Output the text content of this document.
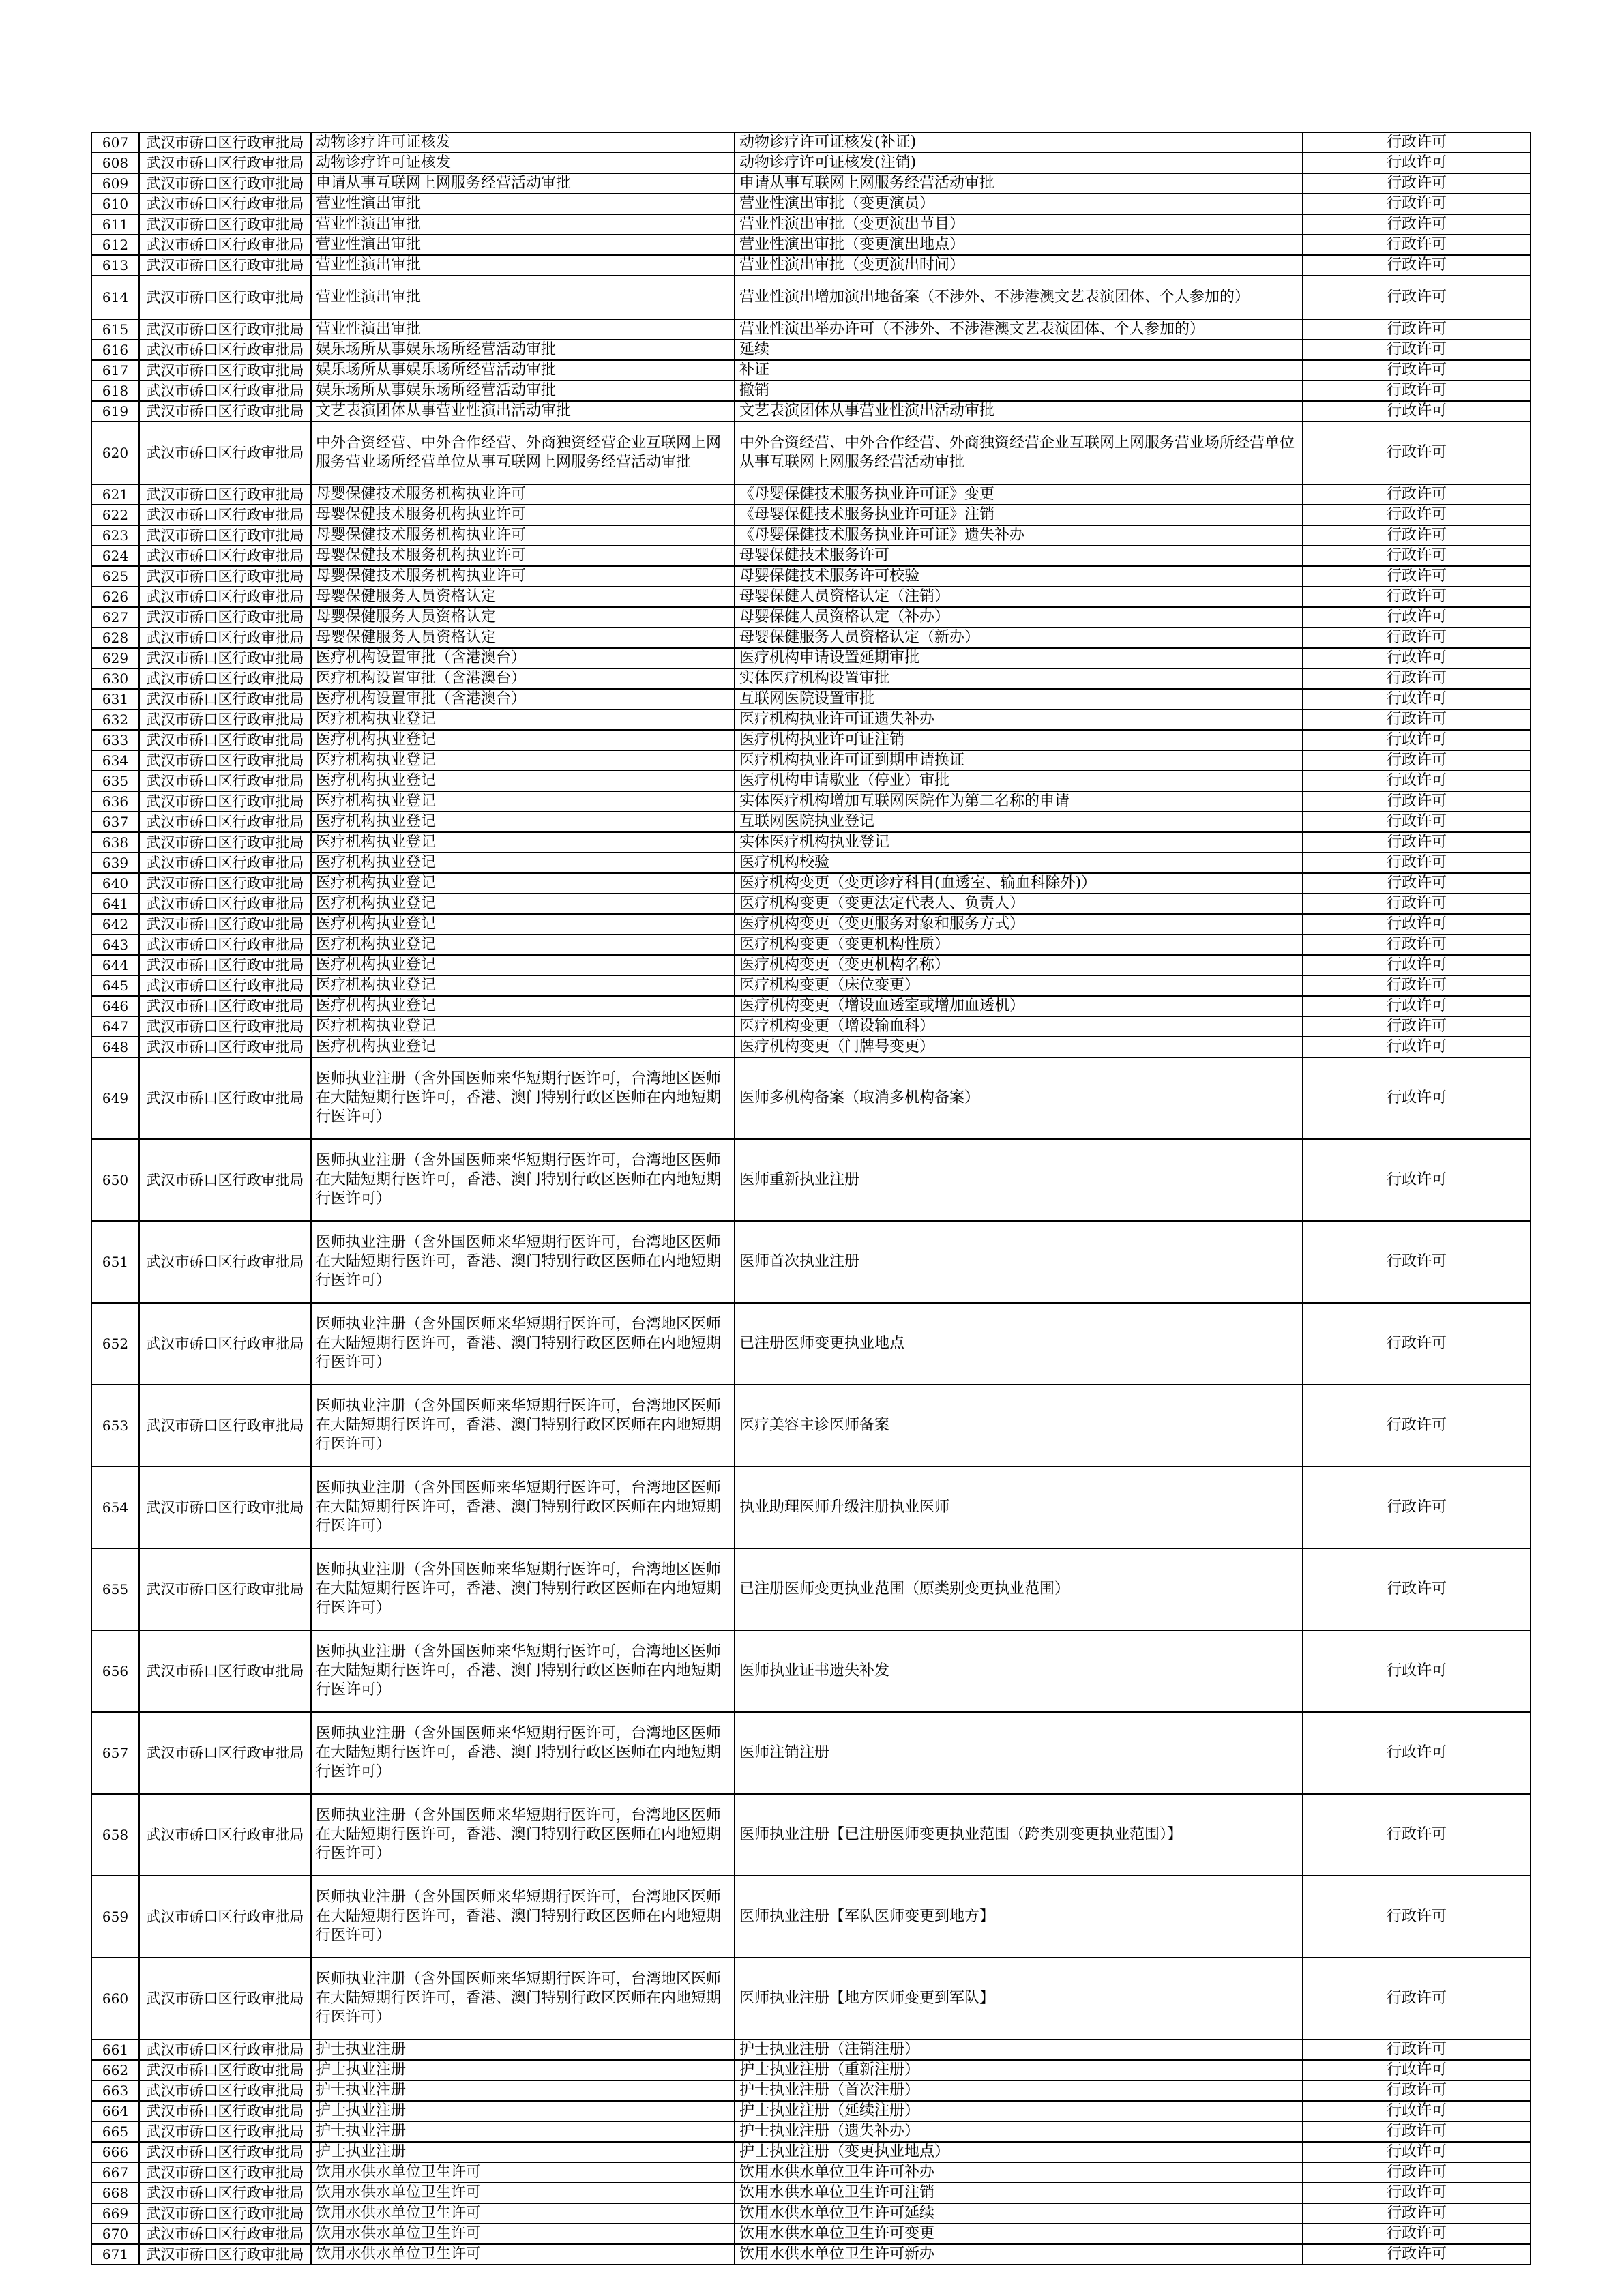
607	武汉市硚口区行政审批局	动物诊疗许可证核发	动物诊疗许可证核发(补证)	行政许可
608	武汉市硚口区行政审批局	动物诊疗许可证核发	动物诊疗许可证核发(注销)	行政许可
609	武汉市硚口区行政审批局	申请从事互联网上网服务经营活动审批	申请从事互联网上网服务经营活动审批	行政许可
610	武汉市硚口区行政审批局	营业性演出审批	营业性演出审批（变更演员）	行政许可
611	武汉市硚口区行政审批局	营业性演出审批	营业性演出审批（变更演出节目）	行政许可
612	武汉市硚口区行政审批局	营业性演出审批	营业性演出审批（变更演出地点）	行政许可
613	武汉市硚口区行政审批局	营业性演出审批	营业性演出审批（变更演出时间）	行政许可
614	武汉市硚口区行政审批局	营业性演出审批	营业性演出增加演出地备案（不涉外、不涉港澳文艺表演团体、个人参加的）	行政许可
615	武汉市硚口区行政审批局	营业性演出审批	营业性演出举办许可（不涉外、不涉港澳文艺表演团体、个人参加的）	行政许可
616	武汉市硚口区行政审批局	娱乐场所从事娱乐场所经营活动审批	延续	行政许可
617	武汉市硚口区行政审批局	娱乐场所从事娱乐场所经营活动审批	补证	行政许可
618	武汉市硚口区行政审批局	娱乐场所从事娱乐场所经营活动审批	撤销	行政许可
619	武汉市硚口区行政审批局	文艺表演团体从事营业性演出活动审批	文艺表演团体从事营业性演出活动审批	行政许可
620	武汉市硚口区行政审批局	中外合资经营、中外合作经营、外商独资经营企业互联网上网服务营业场所经营单位从事互联网上网服务经营活动审批	中外合资经营、中外合作经营、外商独资经营企业互联网上网服务营业场所经营单位从事互联网上网服务经营活动审批	行政许可
621	武汉市硚口区行政审批局	母婴保健技术服务机构执业许可	《母婴保健技术服务执业许可证》变更	行政许可
622	武汉市硚口区行政审批局	母婴保健技术服务机构执业许可	《母婴保健技术服务执业许可证》注销	行政许可
623	武汉市硚口区行政审批局	母婴保健技术服务机构执业许可	《母婴保健技术服务执业许可证》遗失补办	行政许可
624	武汉市硚口区行政审批局	母婴保健技术服务机构执业许可	母婴保健技术服务许可	行政许可
625	武汉市硚口区行政审批局	母婴保健技术服务机构执业许可	母婴保健技术服务许可校验	行政许可
626	武汉市硚口区行政审批局	母婴保健服务人员资格认定	母婴保健人员资格认定（注销）	行政许可
627	武汉市硚口区行政审批局	母婴保健服务人员资格认定	母婴保健人员资格认定（补办）	行政许可
628	武汉市硚口区行政审批局	母婴保健服务人员资格认定	母婴保健服务人员资格认定（新办）	行政许可
629	武汉市硚口区行政审批局	医疗机构设置审批（含港澳台）	医疗机构申请设置延期审批	行政许可
630	武汉市硚口区行政审批局	医疗机构设置审批（含港澳台）	实体医疗机构设置审批	行政许可
631	武汉市硚口区行政审批局	医疗机构设置审批（含港澳台）	互联网医院设置审批	行政许可
632	武汉市硚口区行政审批局	医疗机构执业登记	医疗机构执业许可证遗失补办	行政许可
633	武汉市硚口区行政审批局	医疗机构执业登记	医疗机构执业许可证注销	行政许可
634	武汉市硚口区行政审批局	医疗机构执业登记	医疗机构执业许可证到期申请换证	行政许可
635	武汉市硚口区行政审批局	医疗机构执业登记	医疗机构申请歇业（停业）审批	行政许可
636	武汉市硚口区行政审批局	医疗机构执业登记	实体医疗机构增加互联网医院作为第二名称的申请	行政许可
637	武汉市硚口区行政审批局	医疗机构执业登记	互联网医院执业登记	行政许可
638	武汉市硚口区行政审批局	医疗机构执业登记	实体医疗机构执业登记	行政许可
639	武汉市硚口区行政审批局	医疗机构执业登记	医疗机构校验	行政许可
640	武汉市硚口区行政审批局	医疗机构执业登记	医疗机构变更（变更诊疗科目(血透室、输血科除外)）	行政许可
641	武汉市硚口区行政审批局	医疗机构执业登记	医疗机构变更（变更法定代表人、负责人）	行政许可
642	武汉市硚口区行政审批局	医疗机构执业登记	医疗机构变更（变更服务对象和服务方式）	行政许可
643	武汉市硚口区行政审批局	医疗机构执业登记	医疗机构变更（变更机构性质）	行政许可
644	武汉市硚口区行政审批局	医疗机构执业登记	医疗机构变更（变更机构名称）	行政许可
645	武汉市硚口区行政审批局	医疗机构执业登记	医疗机构变更（床位变更）	行政许可
646	武汉市硚口区行政审批局	医疗机构执业登记	医疗机构变更（增设血透室或增加血透机）	行政许可
647	武汉市硚口区行政审批局	医疗机构执业登记	医疗机构变更（增设输血科）	行政许可
648	武汉市硚口区行政审批局	医疗机构执业登记	医疗机构变更（门牌号变更）	行政许可
649	武汉市硚口区行政审批局	医师执业注册（含外国医师来华短期行医许可，台湾地区医师在大陆短期行医许可，香港、澳门特别行政区医师在内地短期行医许可）	医师多机构备案（取消多机构备案）	行政许可
650	武汉市硚口区行政审批局	医师执业注册（含外国医师来华短期行医许可，台湾地区医师在大陆短期行医许可，香港、澳门特别行政区医师在内地短期行医许可）	医师重新执业注册	行政许可
651	武汉市硚口区行政审批局	医师执业注册（含外国医师来华短期行医许可，台湾地区医师在大陆短期行医许可，香港、澳门特别行政区医师在内地短期行医许可）	医师首次执业注册	行政许可
652	武汉市硚口区行政审批局	医师执业注册（含外国医师来华短期行医许可，台湾地区医师在大陆短期行医许可，香港、澳门特别行政区医师在内地短期行医许可）	已注册医师变更执业地点	行政许可
653	武汉市硚口区行政审批局	医师执业注册（含外国医师来华短期行医许可，台湾地区医师在大陆短期行医许可，香港、澳门特别行政区医师在内地短期行医许可）	医疗美容主诊医师备案	行政许可
654	武汉市硚口区行政审批局	医师执业注册（含外国医师来华短期行医许可，台湾地区医师在大陆短期行医许可，香港、澳门特别行政区医师在内地短期行医许可）	执业助理医师升级注册执业医师	行政许可
655	武汉市硚口区行政审批局	医师执业注册（含外国医师来华短期行医许可，台湾地区医师在大陆短期行医许可，香港、澳门特别行政区医师在内地短期行医许可）	已注册医师变更执业范围（原类别变更执业范围）	行政许可
656	武汉市硚口区行政审批局	医师执业注册（含外国医师来华短期行医许可，台湾地区医师在大陆短期行医许可，香港、澳门特别行政区医师在内地短期行医许可）	医师执业证书遗失补发	行政许可
657	武汉市硚口区行政审批局	医师执业注册（含外国医师来华短期行医许可，台湾地区医师在大陆短期行医许可，香港、澳门特别行政区医师在内地短期行医许可）	医师注销注册	行政许可
658	武汉市硚口区行政审批局	医师执业注册（含外国医师来华短期行医许可，台湾地区医师在大陆短期行医许可，香港、澳门特别行政区医师在内地短期行医许可）	医师执业注册【已注册医师变更执业范围（跨类别变更执业范围）】	行政许可
659	武汉市硚口区行政审批局	医师执业注册（含外国医师来华短期行医许可，台湾地区医师在大陆短期行医许可，香港、澳门特别行政区医师在内地短期行医许可）	医师执业注册【军队医师变更到地方】	行政许可
660	武汉市硚口区行政审批局	医师执业注册（含外国医师来华短期行医许可，台湾地区医师在大陆短期行医许可，香港、澳门特别行政区医师在内地短期行医许可）	医师执业注册【地方医师变更到军队】	行政许可
661	武汉市硚口区行政审批局	护士执业注册	护士执业注册（注销注册）	行政许可
662	武汉市硚口区行政审批局	护士执业注册	护士执业注册（重新注册）	行政许可
663	武汉市硚口区行政审批局	护士执业注册	护士执业注册（首次注册）	行政许可
664	武汉市硚口区行政审批局	护士执业注册	护士执业注册（延续注册）	行政许可
665	武汉市硚口区行政审批局	护士执业注册	护士执业注册（遗失补办）	行政许可
666	武汉市硚口区行政审批局	护士执业注册	护士执业注册（变更执业地点）	行政许可
667	武汉市硚口区行政审批局	饮用水供水单位卫生许可	饮用水供水单位卫生许可补办	行政许可
668	武汉市硚口区行政审批局	饮用水供水单位卫生许可	饮用水供水单位卫生许可注销	行政许可
669	武汉市硚口区行政审批局	饮用水供水单位卫生许可	饮用水供水单位卫生许可延续	行政许可
670	武汉市硚口区行政审批局	饮用水供水单位卫生许可	饮用水供水单位卫生许可变更	行政许可
671	武汉市硚口区行政审批局	饮用水供水单位卫生许可	饮用水供水单位卫生许可新办	行政许可
